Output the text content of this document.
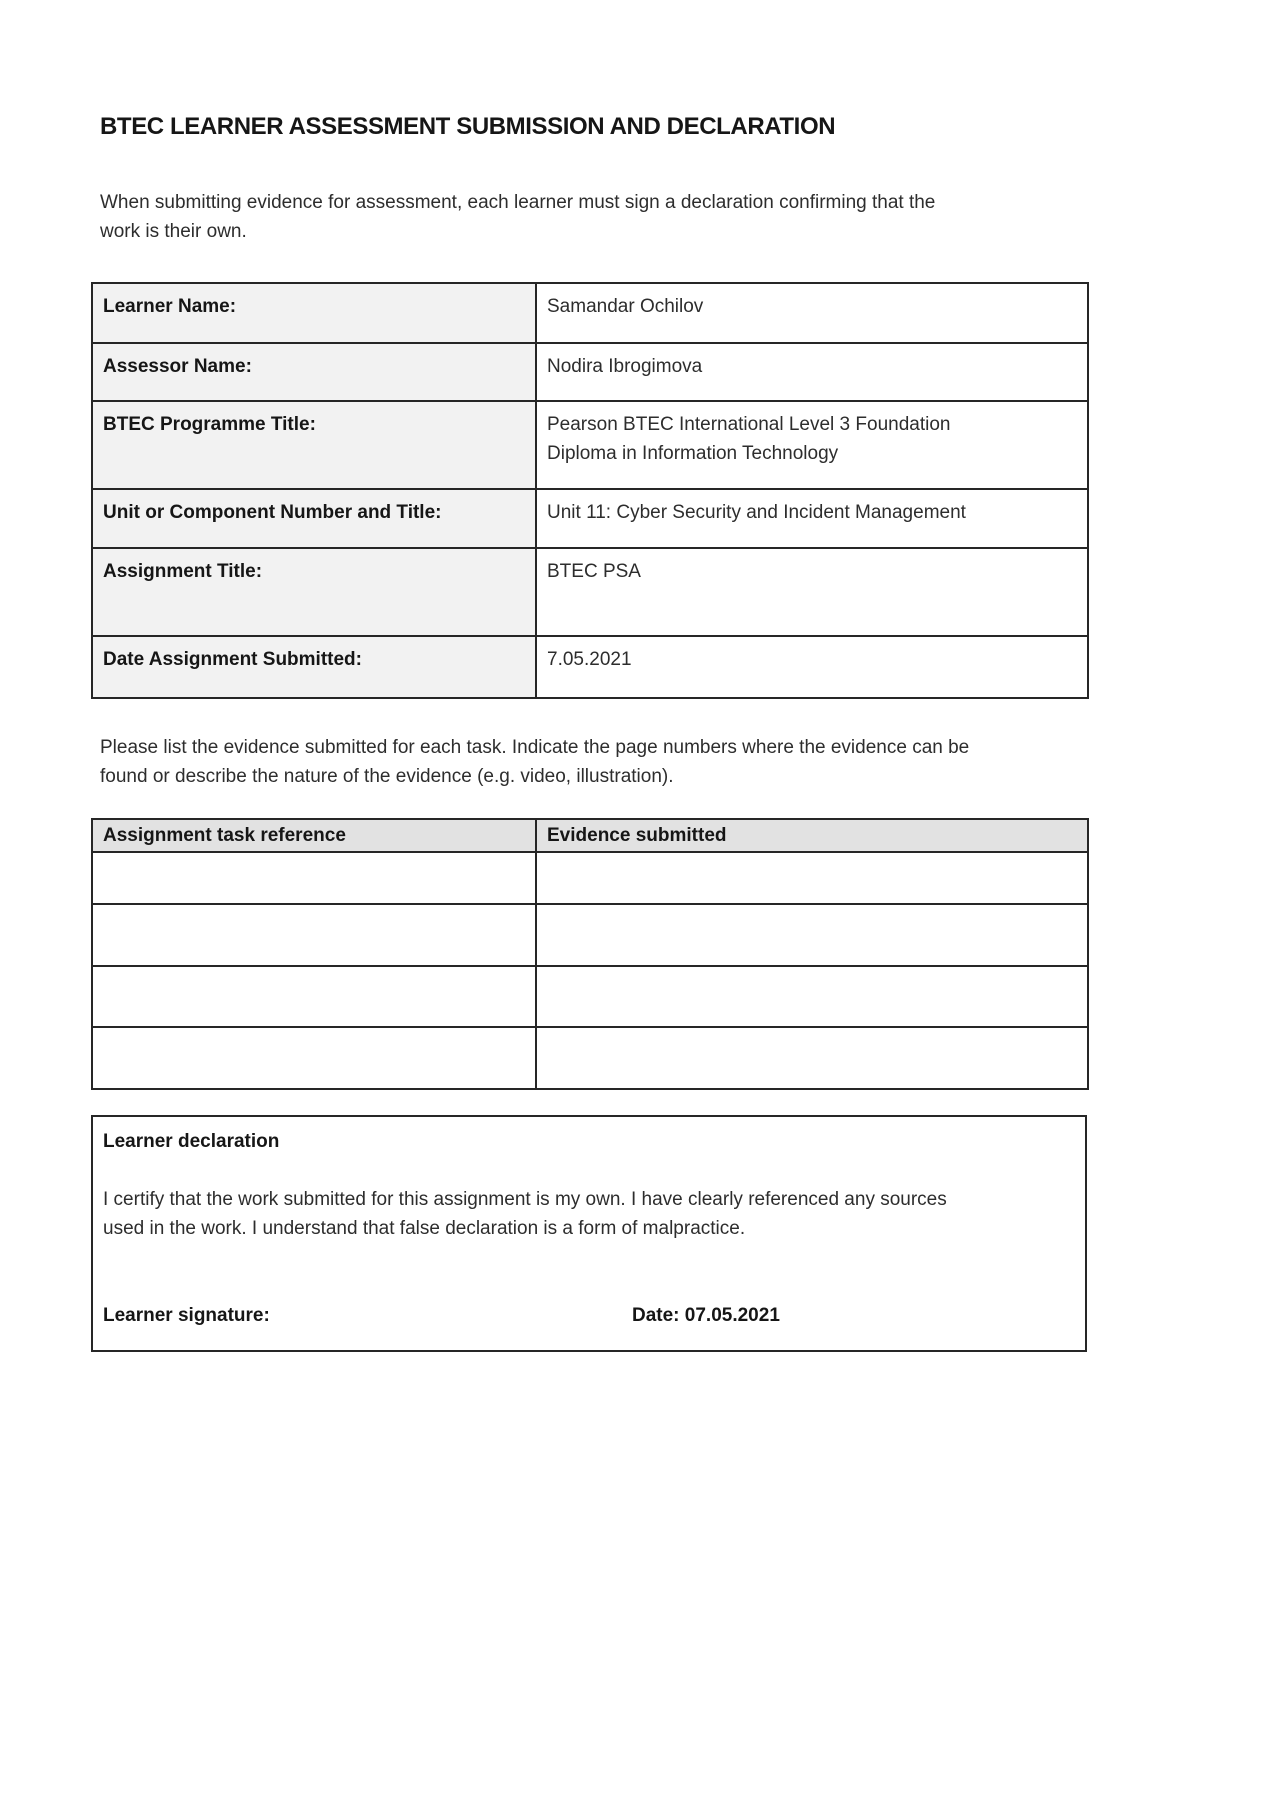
BTEC LEARNER ASSESSMENT SUBMISSION AND DECLARATION

When submitting evidence for assessment, each learner must sign a declaration confirming that the work is their own.

Learner Name:	Samandar Ochilov
Assessor Name:	Nodira Ibrogimova
BTEC Programme Title:	Pearson BTEC International Level 3 Foundation Diploma in Information Technology

Unit or Component Number and Title:	Unit 11: Cyber Security and Incident Management
Assignment Title:	BTEC PSA
Date Assignment Submitted:	7.05.2021

Please list the evidence submitted for each task. Indicate the page numbers where the evidence can be found or describe the nature of the evidence (e.g. video, illustration).

Assignment task reference	Evidence submitted

Learner declaration

I certify that the work submitted for this assignment is my own. I have clearly referenced any sources used in the work. I understand that false declaration is a form of malpractice.

Learner signature:	Date: 07.05.2021
